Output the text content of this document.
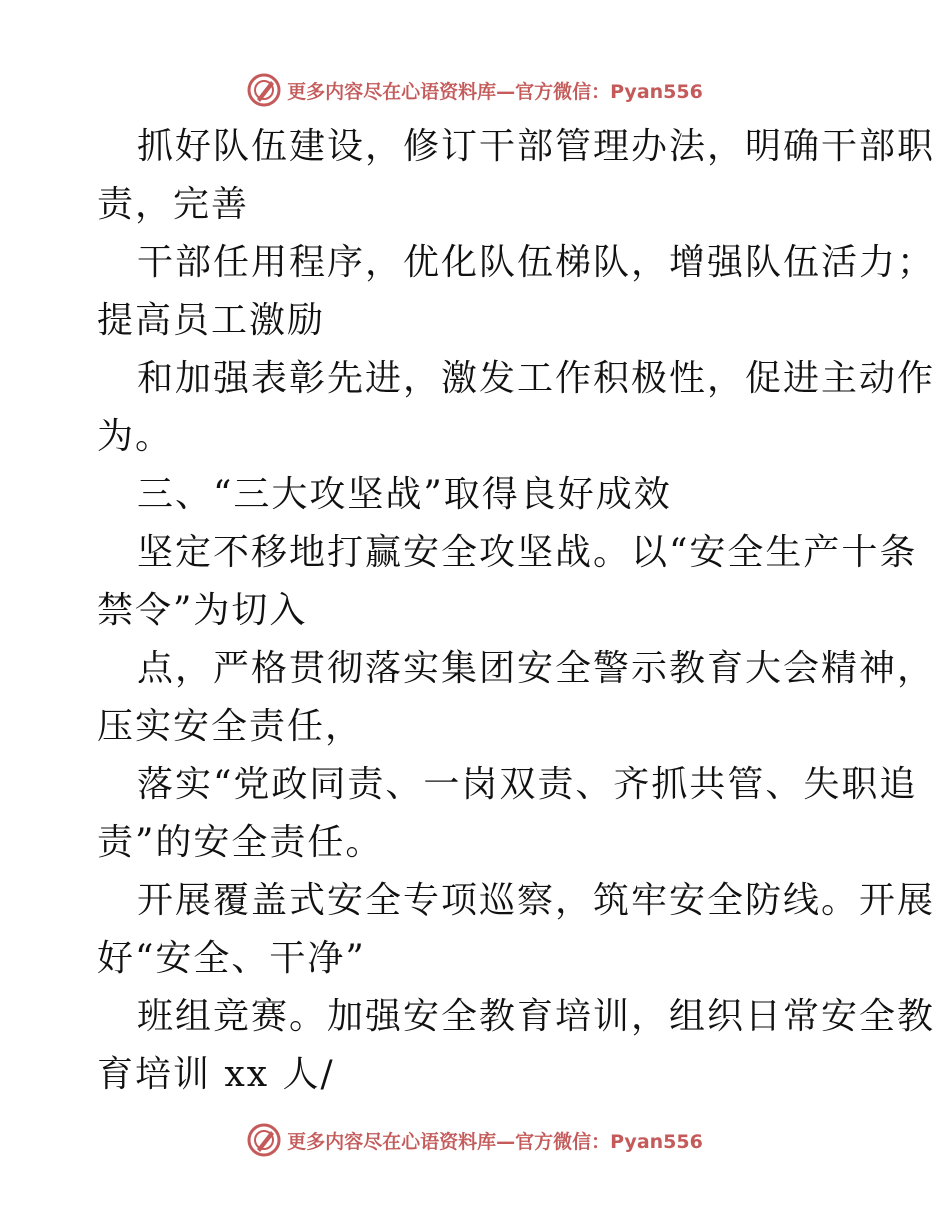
更多内容尽在心语资料库—官方微信：Pyan556
抓好队伍建设，修订干部管理办法，明确干部职
责，完善
干部任用程序，优化队伍梯队，增强队伍活力；
提高员工激励
和加强表彰先进，激发工作积极性，促进主动作
为。
三、“三大攻坚战”取得良好成效
坚定不移地打赢安全攻坚战。以“安全生产十条
禁令”为切入
点，严格贯彻落实集团安全警示教育大会精神，
压实安全责任，
落实“党政同责、一岗双责、齐抓共管、失职追
责”的安全责任。
开展覆盖式安全专项巡察，筑牢安全防线。开展
好“安全、干净”
班组竞赛。加强安全教育培训，组织日常安全教
育培训 xx 人/
更多内容尽在心语资料库—官方微信：Pyan556
